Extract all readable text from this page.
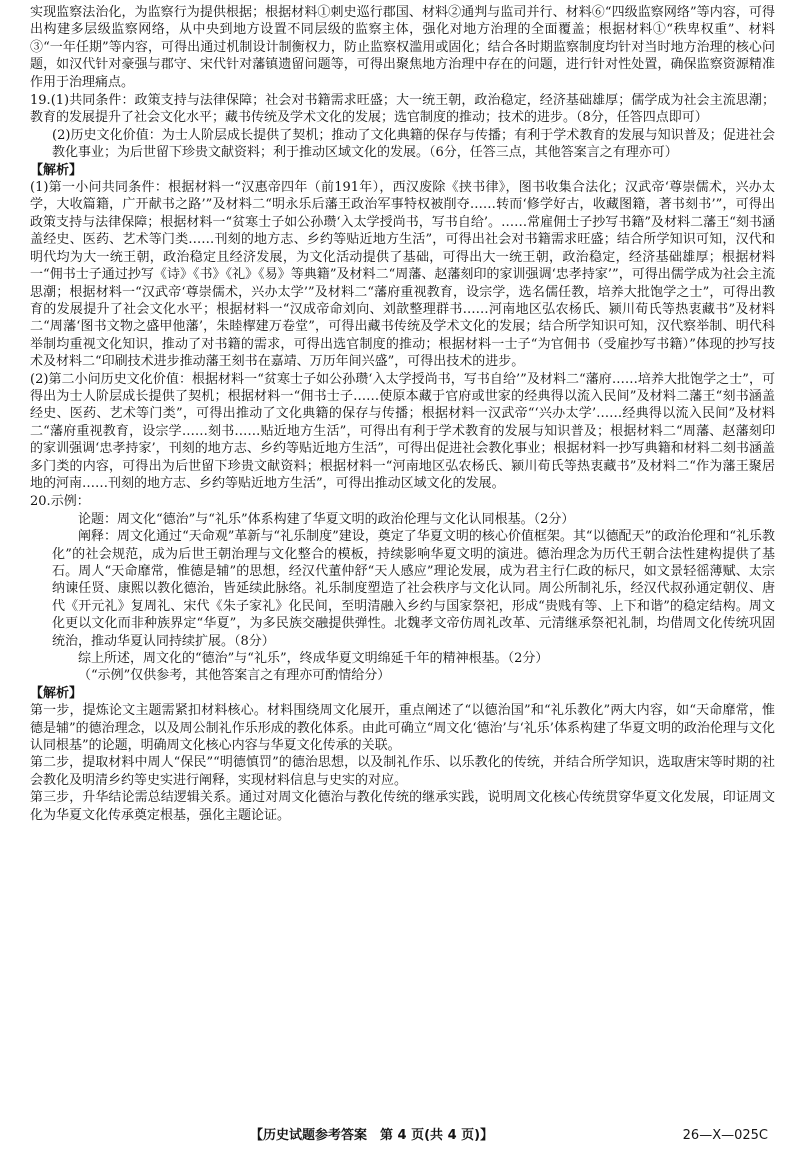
实现监察法治化，为监察行为提供根据；根据材料①刺史巡行郡国、材料②通判与监司并行、材料⑥“四级监察网络”等内容，可得出构建多层级监察网络，从中央到地方设置不同层级的监察主体，强化对地方治理的全面覆盖；根据材料①“秩卑权重”、材料③“一年任期”等内容，可得出通过机制设计制衡权力，防止监察权滥用或固化；结合各时期监察制度均针对当时地方治理的核心问题，如汉代针对豪强与郡守、宋代针对藩镇遗留问题等，可得出聚焦地方治理中存在的问题，进行针对性处置，确保监察资源精准作用于治理痛点。

19.(1)共同条件：政策支持与法律保障；社会对书籍需求旺盛；大一统王朝，政治稳定，经济基础雄厚；儒学成为社会主流思潮；教育的发展提升了社会文化水平；藏书传统及学术文化的发展；选官制度的推动；技术的进步。（8分，任答四点即可）

(2)历史文化价值：为士人阶层成长提供了契机；推动了文化典籍的保存与传播；有利于学术教育的发展与知识普及；促进社会教化事业；为后世留下珍贵文献资料；利于推动区域文化的发展。（6分，任答三点，其他答案言之有理亦可）

【解析】

(1)第一小问共同条件：根据材料一“汉惠帝四年（前191年），西汉废除《挟书律》，图书收集合法化；汉武帝‘尊崇儒术，兴办太学，大收篇籍，广开献书之路’”及材料二“明永乐后藩王政治军事特权被削夺……转而‘修学好古，收藏图籍，著书刻书’”，可得出政策支持与法律保障；根据材料一“贫寒士子如公孙瓒‘入太学授尚书，写书自给’。……常雇佣士子抄写书籍”及材料二藩王“刻书涵盖经史、医药、艺术等门类……刊刻的地方志、乡约等贴近地方生活”，可得出社会对书籍需求旺盛；结合所学知识可知，汉代和明代均为大一统王朝，政治稳定且经济发展，为文化活动提供了基础，可得出大一统王朝，政治稳定，经济基础雄厚；根据材料一“佣书士子通过抄写《诗》《书》《礼》《易》等典籍”及材料二“周藩、赵藩刻印的家训强调‘忠孝持家’”，可得出儒学成为社会主流思潮；根据材料一“汉武帝‘尊崇儒术，兴办太学’”及材料二“藩府重视教育，设宗学，选名儒任教，培养大批饱学之士”，可得出教育的发展提升了社会文化水平；根据材料一“汉成帝命刘向、刘歆整理群书……河南地区弘农杨氏、颍川荀氏等热衷藏书”及材料二“周藩‘图书文物之盛甲他藩’，朱睦㮮建万卷堂”，可得出藏书传统及学术文化的发展；结合所学知识可知，汉代察举制、明代科举制均重视文化知识，推动了对书籍的需求，可得出选官制度的推动；根据材料一士子“为官佣书（受雇抄写书籍）”体现的抄写技术及材料二“印刷技术进步推动藩王刻书在嘉靖、万历年间兴盛”，可得出技术的进步。

(2)第二小问历史文化价值：根据材料一“贫寒士子如公孙瓒‘入太学授尚书，写书自给’”及材料二“藩府……培养大批饱学之士”，可得出为士人阶层成长提供了契机；根据材料一“佣书士子……使原本藏于官府或世家的经典得以流入民间”及材料二藩王“刻书涵盖经史、医药、艺术等门类”，可得出推动了文化典籍的保存与传播；根据材料一汉武帝“‘兴办太学’……经典得以流入民间”及材料二“藩府重视教育，设宗学……刻书……贴近地方生活”，可得出有利于学术教育的发展与知识普及；根据材料二“周藩、赵藩刻印的家训强调‘忠孝持家’，刊刻的地方志、乡约等贴近地方生活”，可得出促进社会教化事业；根据材料一抄写典籍和材料二刻书涵盖多门类的内容，可得出为后世留下珍贵文献资料；根据材料一“河南地区弘农杨氏、颍川荀氏等热衷藏书”及材料二“作为藩王聚居地的河南……刊刻的地方志、乡约等贴近地方生活”，可得出推动区域文化的发展。

20.示例：

论题：周文化“德治”与“礼乐”体系构建了华夏文明的政治伦理与文化认同根基。（2分）

阐释：周文化通过“天命观”革新与“礼乐制度”建设，奠定了华夏文明的核心价值框架。其“以德配天”的政治伦理和“礼乐教化”的社会规范，成为后世王朝治理与文化整合的模板，持续影响华夏文明的演进。德治理念为历代王朝合法性建构提供了基石。周人“天命靡常，惟德是辅”的思想，经汉代董仲舒“天人感应”理论发展，成为君主行仁政的标尺，如文景轻徭薄赋、太宗纳谏任贤、康熙以教化德治，皆延续此脉络。礼乐制度塑造了社会秩序与文化认同。周公所制礼乐，经汉代叔孙通定朝仪、唐代《开元礼》复周礼、宋代《朱子家礼》化民间，至明清融入乡约与国家祭祀，形成“贵贱有等、上下和谐”的稳定结构。周文化更以文化而非种族界定“华夏”，为多民族交融提供弹性。北魏孝文帝仿周礼改革、元清继承祭祀礼制，均借周文化传统巩固统治，推动华夏认同持续扩展。（8分）

综上所述，周文化的“德治”与“礼乐”，终成华夏文明绵延千年的精神根基。（2分）

（“示例”仅供参考，其他答案言之有理亦可酌情给分）

【解析】

第一步，提炼论文主题需紧扣材料核心。材料围绕周文化展开，重点阐述了“以德治国”和“礼乐教化”两大内容，如“天命靡常，惟德是辅”的德治理念，以及周公制礼作乐形成的教化体系。由此可确立“周文化‘德治’与‘礼乐’体系构建了华夏文明的政治伦理与文化认同根基”的论题，明确周文化核心内容与华夏文化传承的关联。

第二步，提取材料中周人“保民”“明德慎罚”的德治思想，以及制礼作乐、以乐教化的传统，并结合所学知识，选取唐宋等时期的社会教化及明清乡约等史实进行阐释，实现材料信息与史实的对应。

第三步，升华结论需总结逻辑关系。通过对周文化德治与教化传统的继承实践，说明周文化核心传统贯穿华夏文化发展，印证周文化为华夏文化传承奠定根基，强化主题论证。

【历史试题参考答案　第 4 页(共 4 页)】	26—X—025C
